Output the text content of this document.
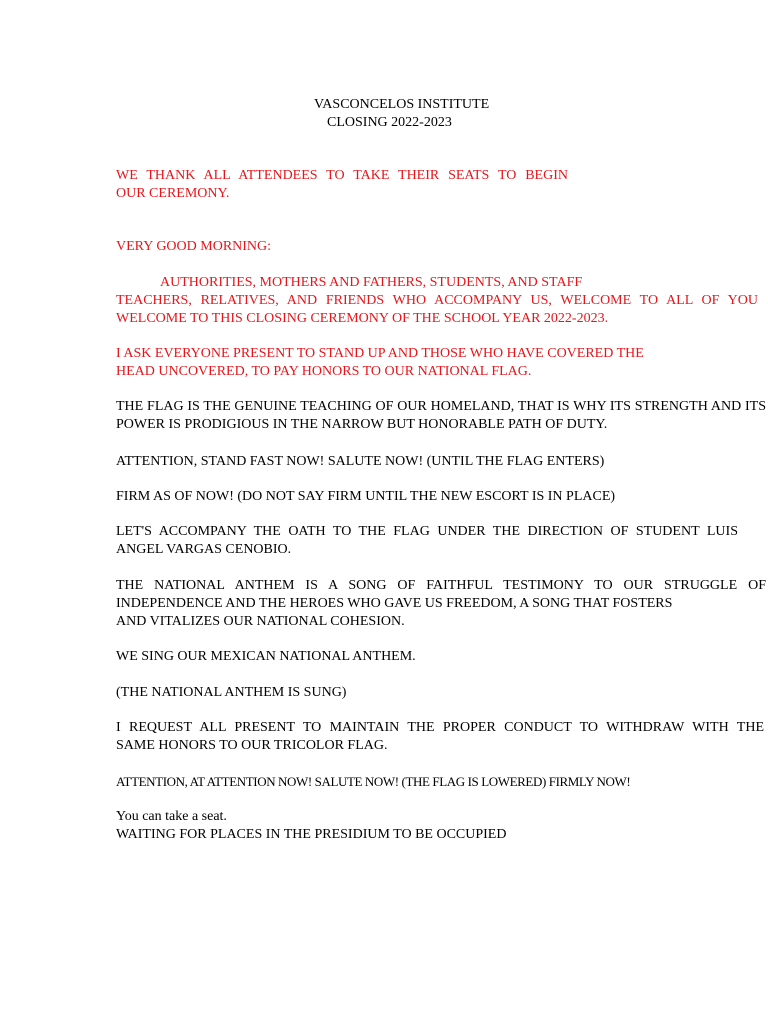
VASCONCELOS INSTITUTE
CLOSING 2022-2023

WE THANK ALL ATTENDEES TO TAKE THEIR SEATS TO BEGIN
OUR CEREMONY.

VERY GOOD MORNING:

AUTHORITIES, MOTHERS AND FATHERS, STUDENTS, AND STAFF
TEACHERS, RELATIVES, AND FRIENDS WHO ACCOMPANY US, WELCOME TO ALL OF YOU
WELCOME TO THIS CLOSING CEREMONY OF THE SCHOOL YEAR 2022-2023.

I ASK EVERYONE PRESENT TO STAND UP AND THOSE WHO HAVE COVERED THE
HEAD UNCOVERED, TO PAY HONORS TO OUR NATIONAL FLAG.

THE FLAG IS THE GENUINE TEACHING OF OUR HOMELAND, THAT IS WHY ITS STRENGTH AND ITS
POWER IS PRODIGIOUS IN THE NARROW BUT HONORABLE PATH OF DUTY.

ATTENTION, STAND FAST NOW! SALUTE NOW! (UNTIL THE FLAG ENTERS)

FIRM AS OF NOW! (DO NOT SAY FIRM UNTIL THE NEW ESCORT IS IN PLACE)

LET'S ACCOMPANY THE OATH TO THE FLAG UNDER THE DIRECTION OF STUDENT LUIS
ANGEL VARGAS CENOBIO.

THE NATIONAL ANTHEM IS A SONG OF FAITHFUL TESTIMONY TO OUR STRUGGLE OF
INDEPENDENCE AND THE HEROES WHO GAVE US FREEDOM, A SONG THAT FOSTERS
AND VITALIZES OUR NATIONAL COHESION.

WE SING OUR MEXICAN NATIONAL ANTHEM.

(THE NATIONAL ANTHEM IS SUNG)

I REQUEST ALL PRESENT TO MAINTAIN THE PROPER CONDUCT TO WITHDRAW WITH THE
SAME HONORS TO OUR TRICOLOR FLAG.

ATTENTION, AT ATTENTION NOW! SALUTE NOW! (THE FLAG IS LOWERED) FIRMLY NOW!

You can take a seat.
WAITING FOR PLACES IN THE PRESIDIUM TO BE OCCUPIED
